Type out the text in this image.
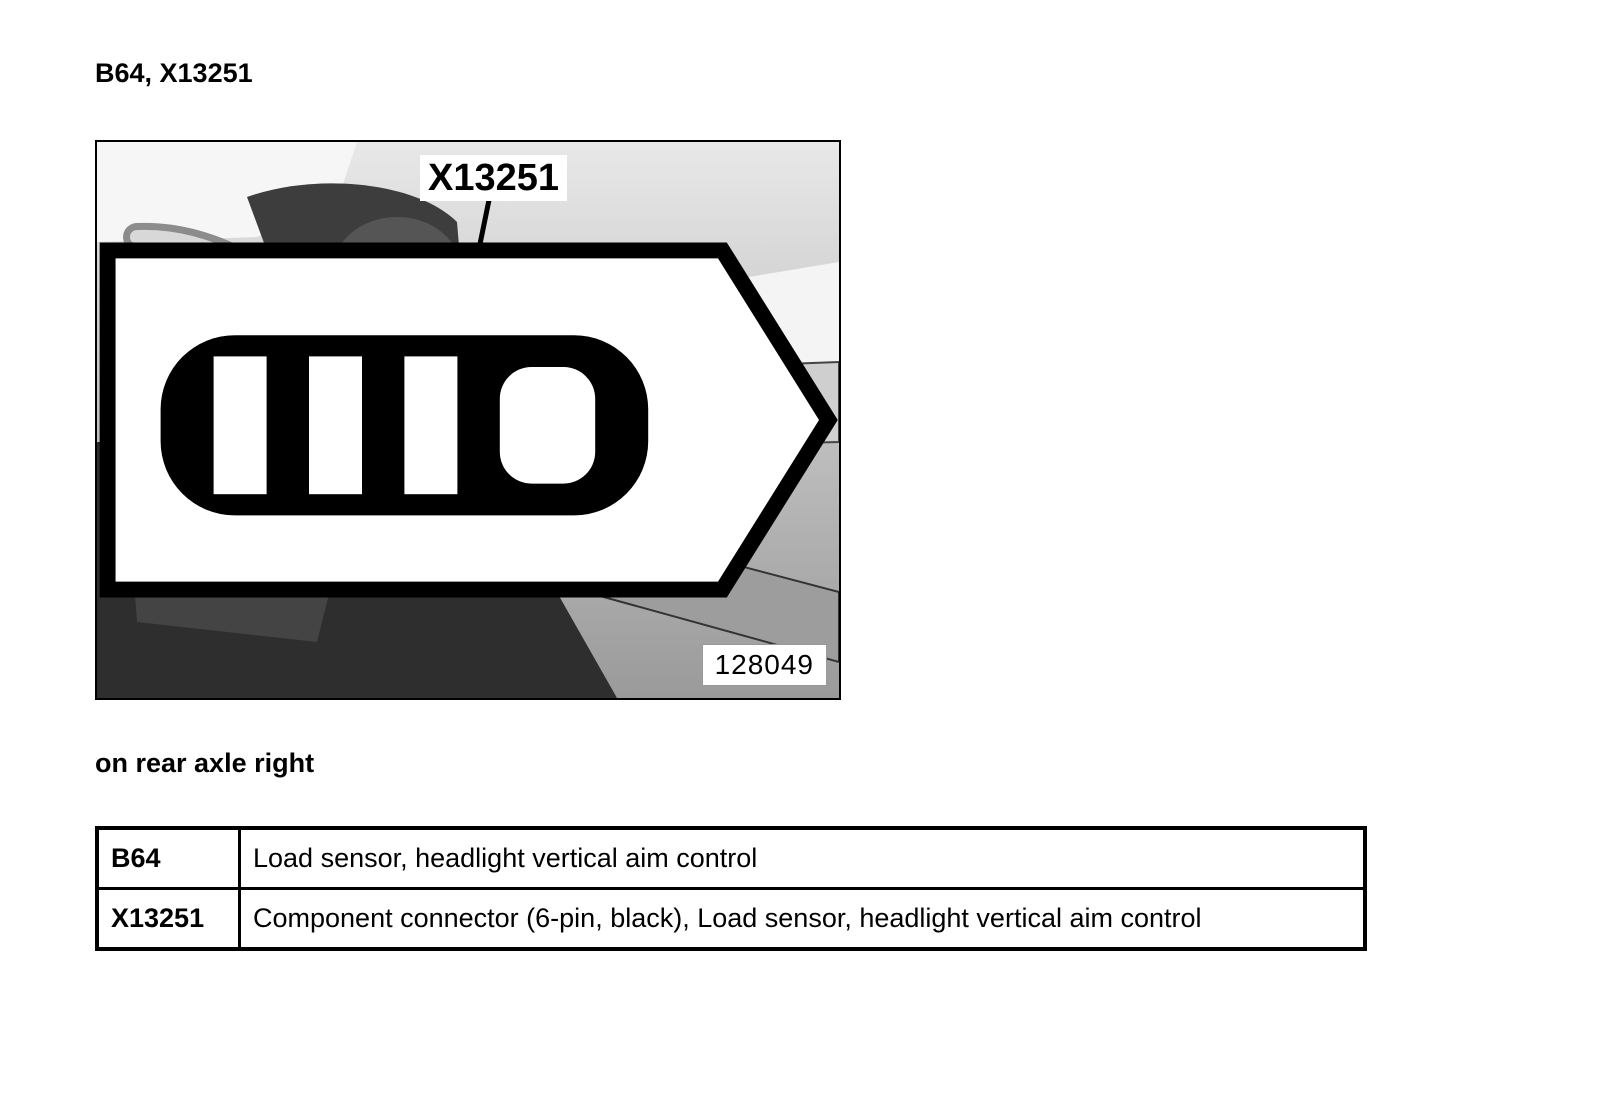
B64, X13251
X13251
128049
on rear axle right
B64	Load sensor, headlight vertical aim control
X13251	Component connector (6-pin, black), Load sensor, headlight vertical aim control
